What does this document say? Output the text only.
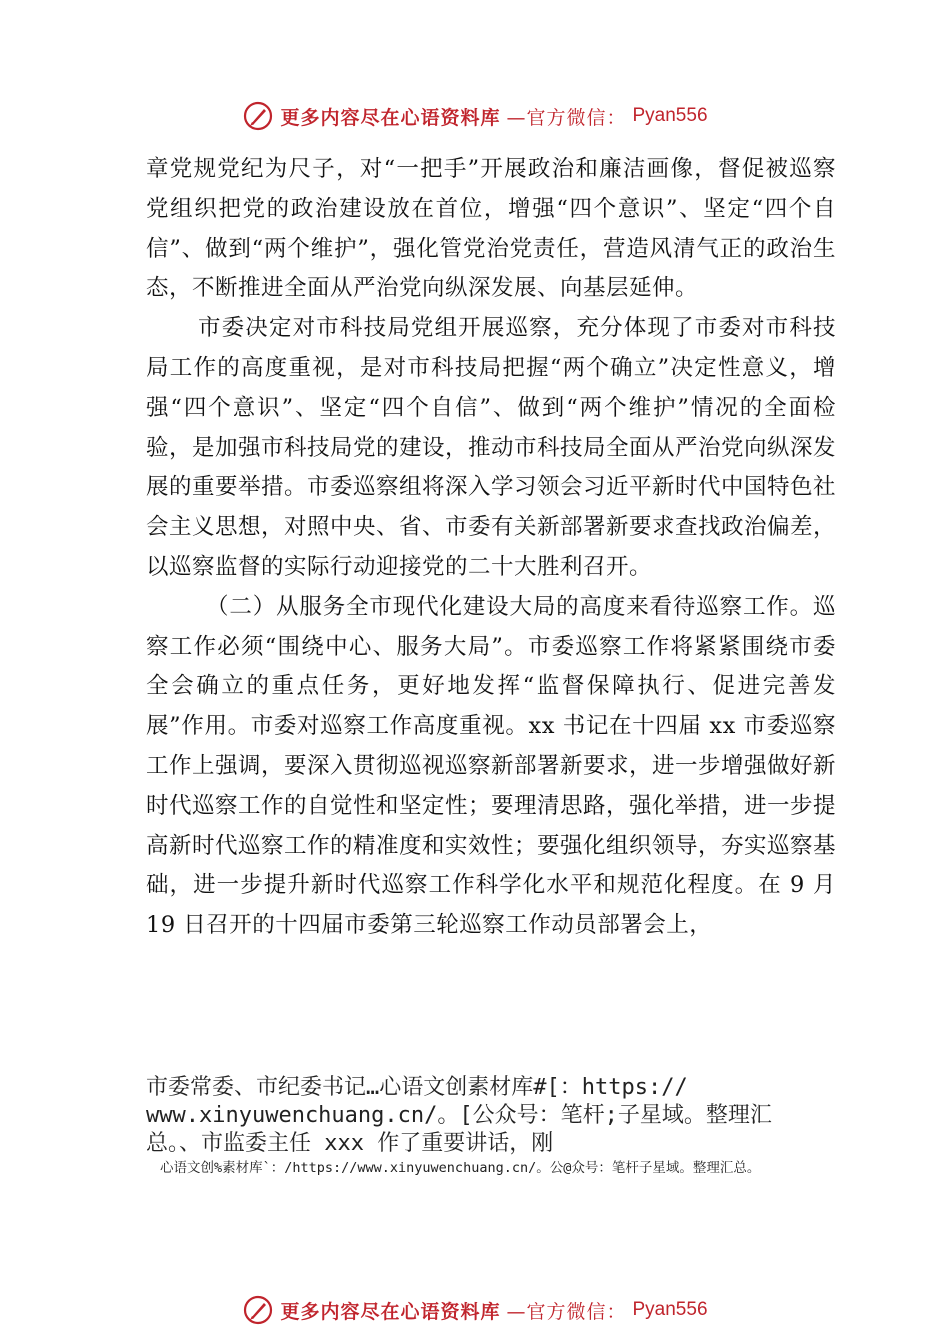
更多内容尽在心语资料库 —官方微信： Pyan556

章党规党纪为尺子，对“一把手”开展政治和廉洁画像，督促被巡察党组织把党的政治建设放在首位，增强“四个意识”、坚定“四个自信”、做到“两个维护”，强化管党治党责任，营造风清气正的政治生态，不断推进全面从严治党向纵深发展、向基层延伸。

市委决定对市科技局党组开展巡察，充分体现了市委对市科技局工作的高度重视，是对市科技局把握“两个确立”决定性意义，增强“四个意识”、坚定“四个自信”、做到“两个维护”情况的全面检验，是加强市科技局党的建设，推动市科技局全面从严治党向纵深发展的重要举措。市委巡察组将深入学习领会习近平新时代中国特色社会主义思想，对照中央、省、市委有关新部署新要求查找政治偏差，以巡察监督的实际行动迎接党的二十大胜利召开。

（二）从服务全市现代化建设大局的高度来看待巡察工作。巡察工作必须“围绕中心、服务大局”。市委巡察工作将紧紧围绕市委全会确立的重点任务，更好地发挥“监督保障执行、促进完善发展”作用。市委对巡察工作高度重视。xx 书记在十四届 xx 市委巡察工作上强调，要深入贯彻巡视巡察新部署新要求，进一步增强做好新时代巡察工作的自觉性和坚定性；要理清思路，强化举措，进一步提高新时代巡察工作的精准度和实效性；要强化组织领导，夯实巡察基础，进一步提升新时代巡察工作科学化水平和规范化程度。在 9 月 19 日召开的十四届市委第三轮巡察工作动员部署会上，

市委常委、市纪委书记…心语文创素材库#[：https://
www.xinyuwenchuang.cn/。[公众号：笔杆;子星域。整理汇
总。、市监委主任 xxx 作了重要讲话，刚
心语文创%素材库`：/https://www.xinyuwenchuang.cn/。公@众号：笔杆子星域。整理汇总。
更多内容尽在心语资料库 —官方微信： Pyan556
